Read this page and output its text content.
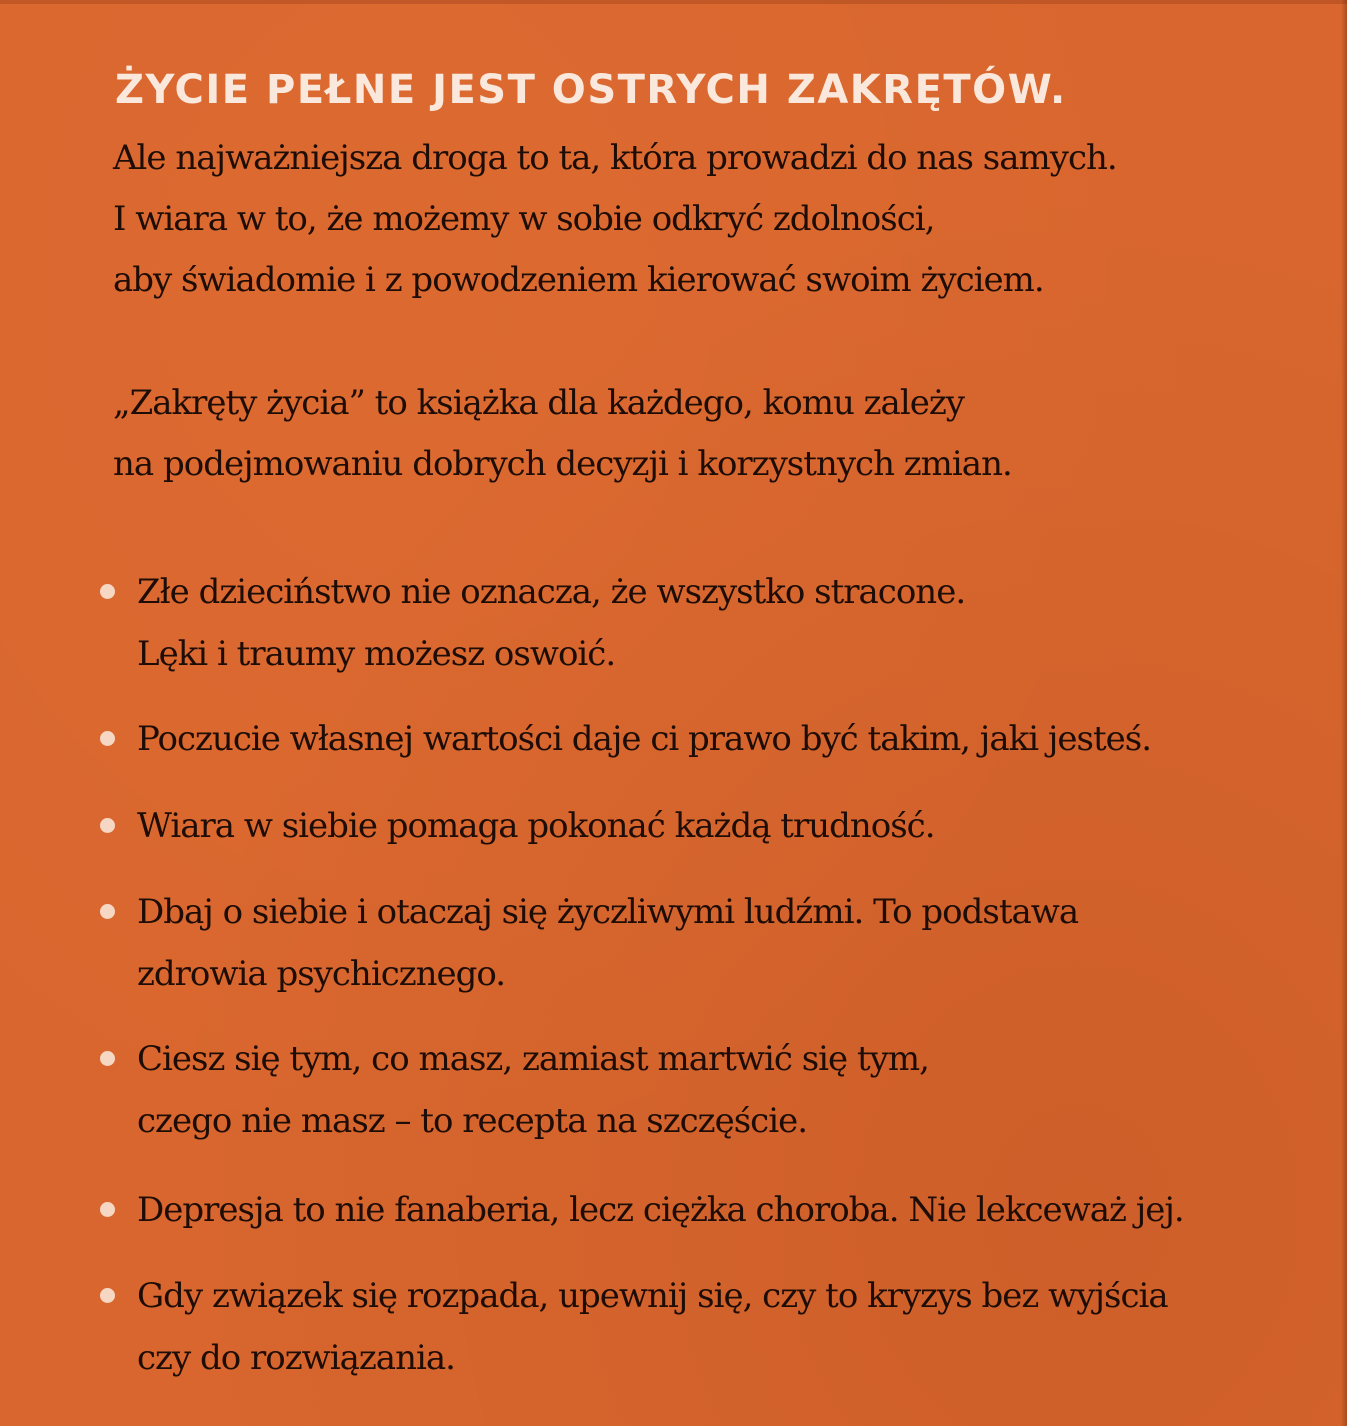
ŻYCIE PEŁNE JEST OSTRYCH ZAKRĘTÓW.

Ale najważniejsza droga to ta, która prowadzi do nas samych.
I wiara w to, że możemy w sobie odkryć zdolności,
aby świadomie i z powodzeniem kierować swoim życiem.

„Zakręty życia” to książka dla każdego, komu zależy
na podejmowaniu dobrych decyzji i korzystnych zmian.

Złe dzieciństwo nie oznacza, że wszystko stracone.
Lęki i traumy możesz oswoić.
Poczucie własnej wartości daje ci prawo być takim, jaki jesteś.
Wiara w siebie pomaga pokonać każdą trudność.
Dbaj o siebie i otaczaj się życzliwymi ludźmi. To podstawa
zdrowia psychicznego.
Ciesz się tym, co masz, zamiast martwić się tym,
czego nie masz – to recepta na szczęście.
Depresja to nie fanaberia, lecz ciężka choroba. Nie lekceważ jej.
Gdy związek się rozpada, upewnij się, czy to kryzys bez wyjścia
czy do rozwiązania.
